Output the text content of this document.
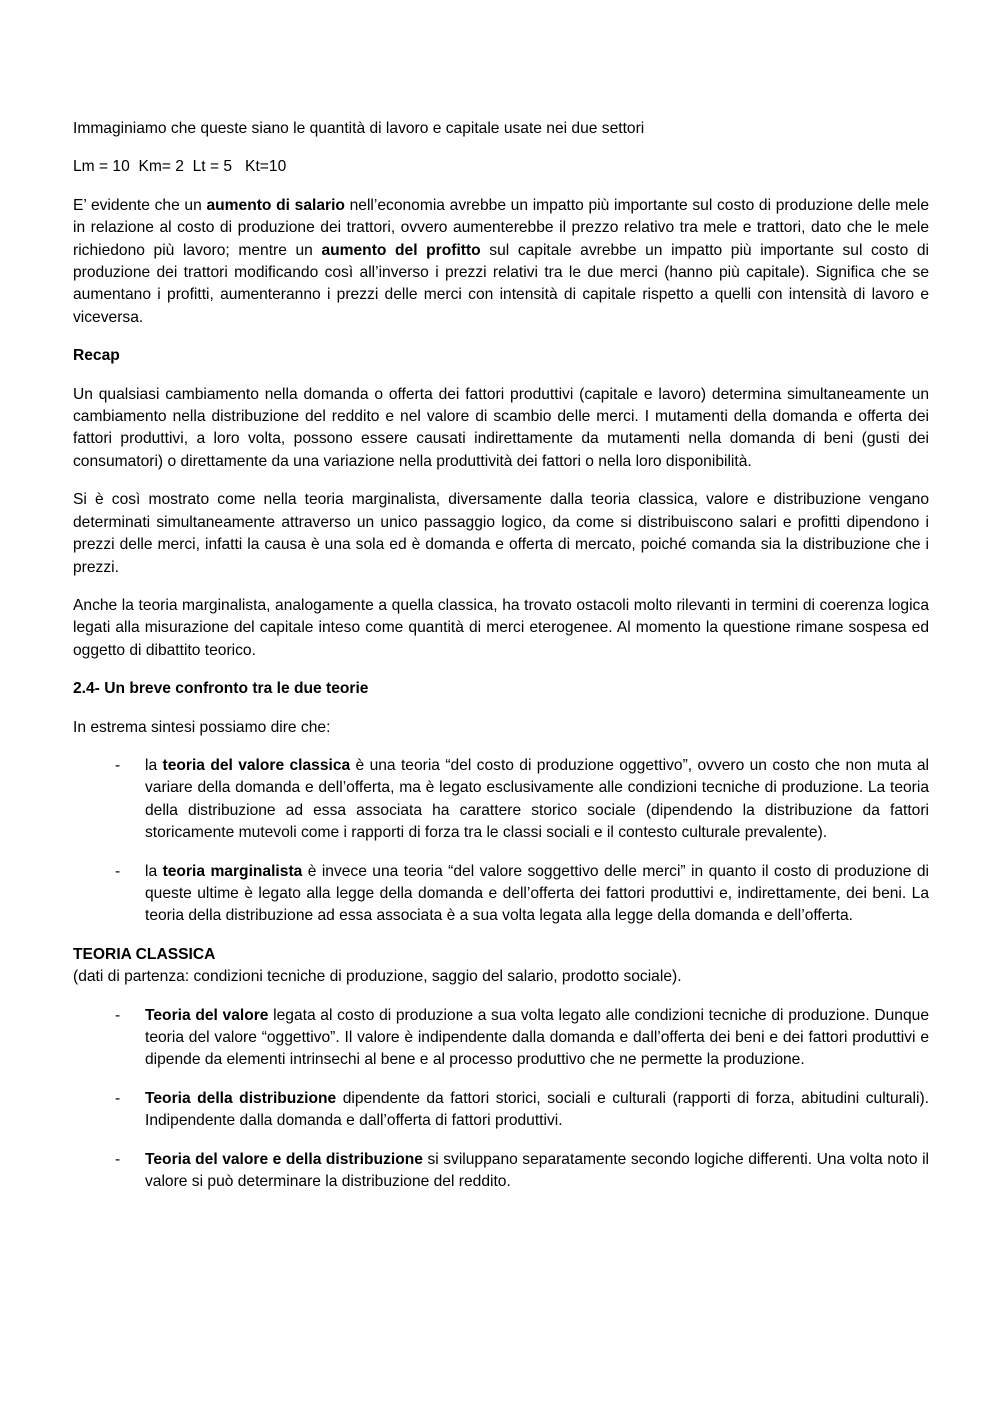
Immaginiamo che queste siano le quantità di lavoro e capitale usate nei due settori

Lm = 10  Km= 2  Lt = 5   Kt=10

E’ evidente che un aumento di salario nell’economia avrebbe un impatto più importante sul costo di produzione delle mele in relazione al costo di produzione dei trattori, ovvero aumenterebbe il prezzo relativo tra mele e trattori, dato che le mele richiedono più lavoro; mentre un aumento del profitto sul capitale avrebbe un impatto più importante sul costo di produzione dei trattori modificando così all’inverso i prezzi relativi tra le due merci (hanno più capitale). Significa che se aumentano i profitti, aumenteranno i prezzi delle merci con intensità di capitale rispetto a quelli con intensità di lavoro e viceversa.

Recap

Un qualsiasi cambiamento nella domanda o offerta dei fattori produttivi (capitale e lavoro) determina simultaneamente un cambiamento nella distribuzione del reddito e nel valore di scambio delle merci. I mutamenti della domanda e offerta dei fattori produttivi, a loro volta, possono essere causati indirettamente da mutamenti nella domanda di beni (gusti dei consumatori) o direttamente da una variazione nella produttività dei fattori o nella loro disponibilità.

Si è così mostrato come nella teoria marginalista, diversamente dalla teoria classica, valore e distribuzione vengano determinati simultaneamente attraverso un unico passaggio logico, da come si distribuiscono salari e profitti dipendono i prezzi delle merci, infatti la causa è una sola ed è domanda e offerta di mercato, poiché comanda sia la distribuzione che i prezzi.

Anche la teoria marginalista, analogamente a quella classica, ha trovato ostacoli molto rilevanti in termini di coerenza logica legati alla misurazione del capitale inteso come quantità di merci eterogenee. Al momento la questione rimane sospesa ed oggetto di dibattito teorico.

2.4- Un breve confronto tra le due teorie

In estrema sintesi possiamo dire che:

- la teoria del valore classica è una teoria “del costo di produzione oggettivo”, ovvero un costo che non muta al variare della domanda e dell’offerta, ma è legato esclusivamente alle condizioni tecniche di produzione. La teoria della distribuzione ad essa associata ha carattere storico sociale (dipendendo la distribuzione da fattori storicamente mutevoli come i rapporti di forza tra le classi sociali e il contesto culturale prevalente).
- la teoria marginalista è invece una teoria “del valore soggettivo delle merci” in quanto il costo di produzione di queste ultime è legato alla legge della domanda e dell’offerta dei fattori produttivi e, indirettamente, dei beni. La teoria della distribuzione ad essa associata è a sua volta legata alla legge della domanda e dell’offerta.

TEORIA CLASSICA

(dati di partenza: condizioni tecniche di produzione, saggio del salario, prodotto sociale).

- Teoria del valore legata al costo di produzione a sua volta legato alle condizioni tecniche di produzione. Dunque teoria del valore “oggettivo”. Il valore è indipendente dalla domanda e dall’offerta dei beni e dei fattori produttivi e dipende da elementi intrinsechi al bene e al processo produttivo che ne permette la produzione.
- Teoria della distribuzione dipendente da fattori storici, sociali e culturali (rapporti di forza, abitudini culturali). Indipendente dalla domanda e dall’offerta di fattori produttivi.
- Teoria del valore e della distribuzione si sviluppano separatamente secondo logiche differenti. Una volta noto il valore si può determinare la distribuzione del reddito.
